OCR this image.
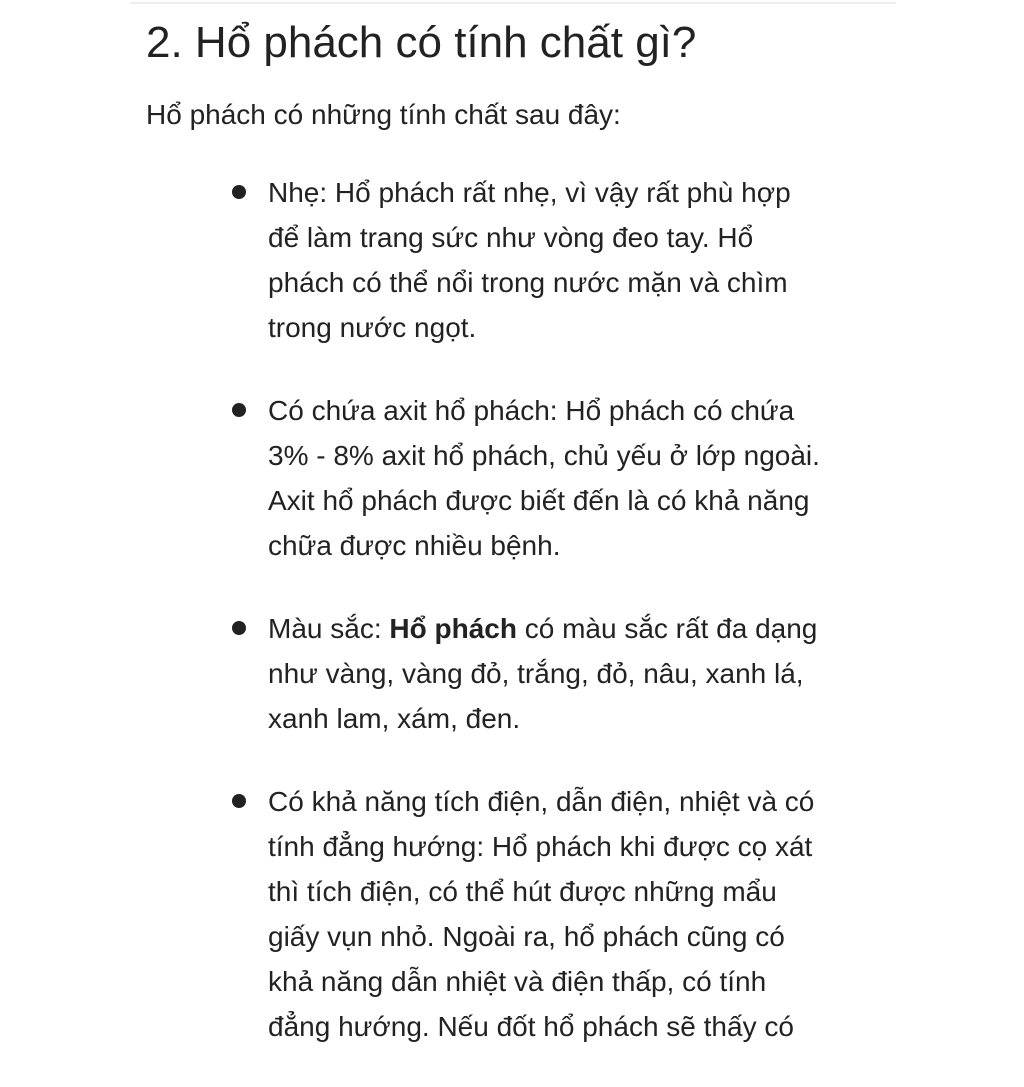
2. Hổ phách có tính chất gì?

Hổ phách có những tính chất sau đây:

Nhẹ: Hổ phách rất nhẹ, vì vậy rất phù hợp
để làm trang sức như vòng đeo tay. Hổ
phách có thể nổi trong nước mặn và chìm
trong nước ngọt.
Có chứa axit hổ phách: Hổ phách có chứa
3% - 8% axit hổ phách, chủ yếu ở lớp ngoài.
Axit hổ phách được biết đến là có khả năng
chữa được nhiều bệnh.
Màu sắc: Hổ phách có màu sắc rất đa dạng
như vàng, vàng đỏ, trắng, đỏ, nâu, xanh lá,
xanh lam, xám, đen.
Có khả năng tích điện, dẫn điện, nhiệt và có
tính đẳng hướng: Hổ phách khi được cọ xát
thì tích điện, có thể hút được những mẩu
giấy vụn nhỏ. Ngoài ra, hổ phách cũng có
khả năng dẫn nhiệt và điện thấp, có tính
đẳng hướng. Nếu đốt hổ phách sẽ thấy có
